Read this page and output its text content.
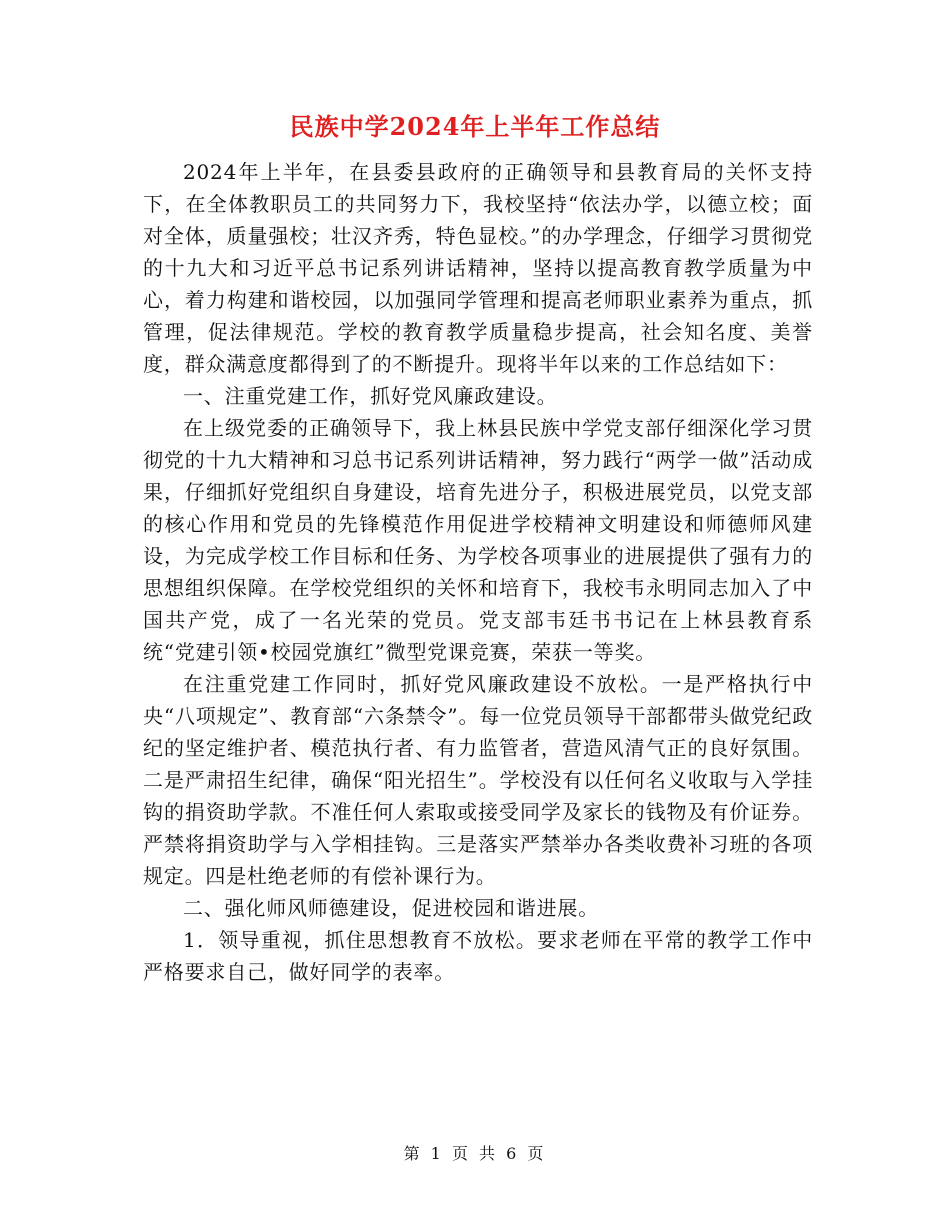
民族中学2024年上半年工作总结

2024年上半年，在县委县政府的正确领导和县教育局的关怀支持下，在全体教职员工的共同努力下，我校坚持“依法办学，以德立校；面对全体，质量强校；壮汉齐秀，特色显校。”的办学理念，仔细学习贯彻党的十九大和习近平总书记系列讲话精神，坚持以提高教育教学质量为中心，着力构建和谐校园，以加强同学管理和提高老师职业素养为重点，抓管理，促法律规范。学校的教育教学质量稳步提高，社会知名度、美誉度，群众满意度都得到了的不断提升。现将半年以来的工作总结如下：

一、注重党建工作，抓好党风廉政建设。

在上级党委的正确领导下，我上林县民族中学党支部仔细深化学习贯彻党的十九大精神和习总书记系列讲话精神，努力践行“两学一做”活动成果，仔细抓好党组织自身建设，培育先进分子，积极进展党员，以党支部的核心作用和党员的先锋模范作用促进学校精神文明建设和师德师风建设，为完成学校工作目标和任务、为学校各项事业的进展提供了强有力的思想组织保障。在学校党组织的关怀和培育下，我校韦永明同志加入了中国共产党，成了一名光荣的党员。党支部韦廷书书记在上林县教育系统“党建引领•校园党旗红”微型党课竞赛，荣获一等奖。

在注重党建工作同时，抓好党风廉政建设不放松。一是严格执行中央“八项规定”、教育部“六条禁令”。每一位党员领导干部都带头做党纪政纪的坚定维护者、模范执行者、有力监管者，营造风清气正的良好氛围。二是严肃招生纪律，确保“阳光招生”。学校没有以任何名义收取与入学挂钩的捐资助学款。不准任何人索取或接受同学及家长的钱物及有价证券。严禁将捐资助学与入学相挂钩。三是落实严禁举办各类收费补习班的各项规定。四是杜绝老师的有偿补课行为。

二、强化师风师德建设，促进校园和谐进展。

1．领导重视，抓住思想教育不放松。要求老师在平常的教学工作中严格要求自己，做好同学的表率。

第 1 页 共 6 页
